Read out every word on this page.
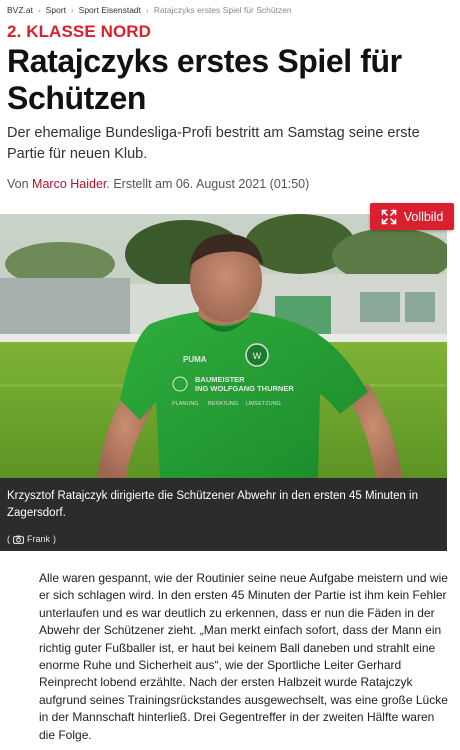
BVZ.at › Sport › Sport Eisenstadt › Ratajczyks erstes Spiel für Schützen
2. KLASSE NORD
Ratajczyks erstes Spiel für Schützen

Der ehemalige Bundesliga-Profi bestritt am Samstag seine erste Partie für neuen Klub.

Von Marco Haider. Erstellt am 06. August 2021 (01:50)
W
PUMA
BAUMEISTER
ING WOLFGANG THURNER
PLANUNG BERATUNG UMSETZUNG
Vollbild

Krzysztof Ratajczyk dirigierte die Schützener Abwehr in den ersten 45 Minuten in Zagersdorf.

( Frank )

Alle waren gespannt, wie der Routinier seine neue Aufgabe meistern und wie er sich schlagen wird. In den ersten 45 Minuten der Partie ist ihm kein Fehler unterlaufen und es war deutlich zu erkennen, dass er nun die Fäden in der Abwehr der Schützener zieht. „Man merkt einfach sofort, dass der Mann ein richtig guter Fußballer ist, er haut bei keinem Ball daneben und strahlt eine enorme Ruhe und Sicherheit aus“, wie der Sportliche Leiter Gerhard Reinprecht lobend erzählte. Nach der ersten Halbzeit wurde Ratajczyk aufgrund seines Trainingsrückstandes ausgewechselt, was eine große Lücke in der Mannschaft hinterließ. Drei Gegentreffer in der zweiten Hälfte waren die Folge.
